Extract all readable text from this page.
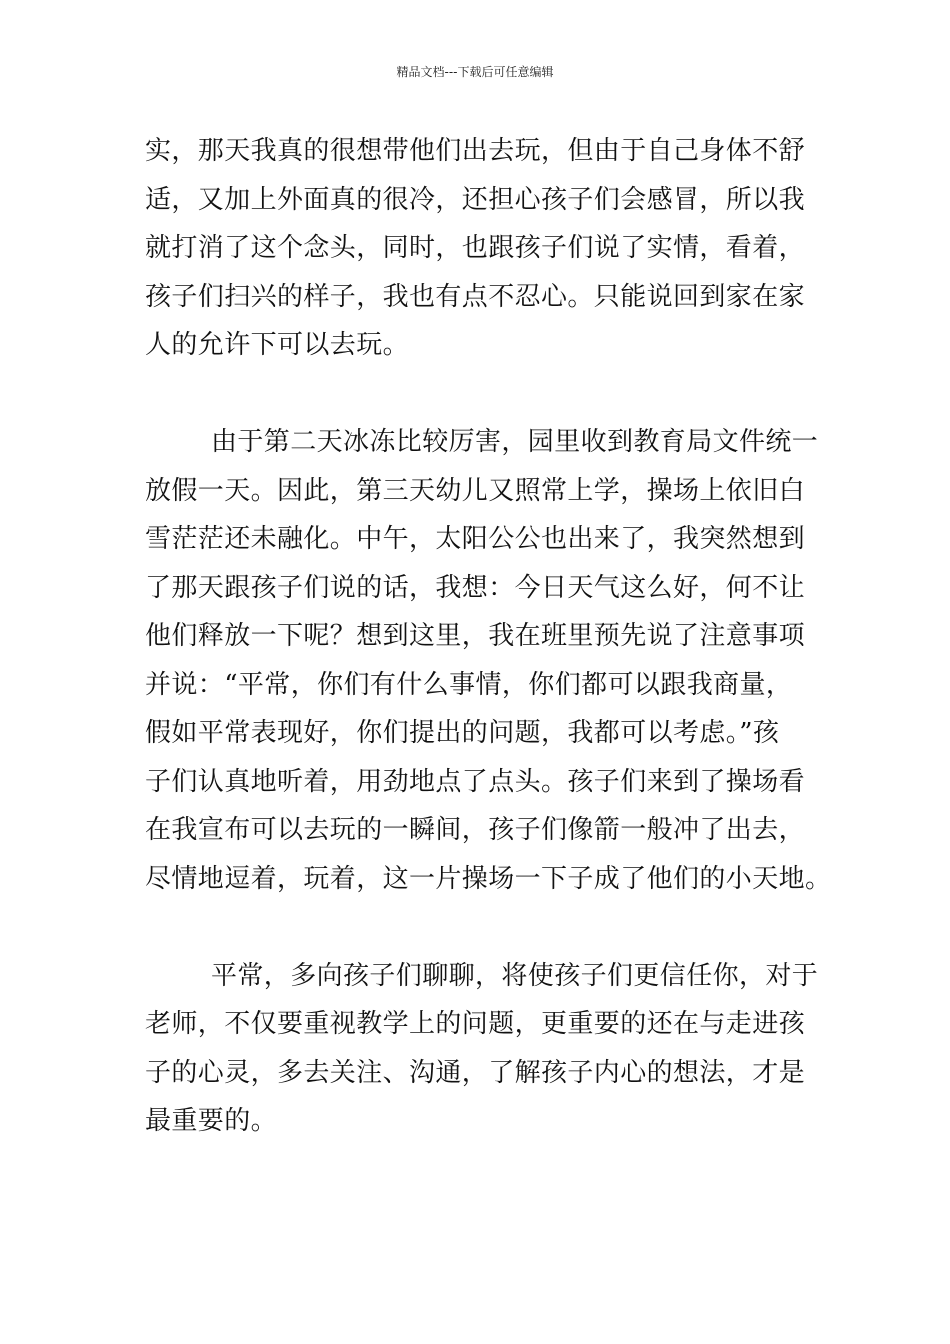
精品文档---下载后可任意编辑
实，那天我真的很想带他们出去玩，但由于自己身体不舒
适，又加上外面真的很冷，还担心孩子们会感冒，所以我
就打消了这个念头，同时，也跟孩子们说了实情，看着，
孩子们扫兴的样子，我也有点不忍心。只能说回到家在家
人的允许下可以去玩。
由于第二天冰冻比较厉害，园里收到教育局文件统一
放假一天。因此，第三天幼儿又照常上学，操场上依旧白
雪茫茫还未融化。中午，太阳公公也出来了，我突然想到
了那天跟孩子们说的话，我想：今日天气这么好，何不让
他们释放一下呢？想到这里，我在班里预先说了注意事项
并说：“平常，你们有什么事情，你们都可以跟我商量，
假如平常表现好，你们提出的问题，我都可以考虑。”孩
子们认真地听着，用劲地点了点头。孩子们来到了操场看
在我宣布可以去玩的一瞬间，孩子们像箭一般冲了出去，
尽情地逗着，玩着，这一片操场一下子成了他们的小天地。
平常，多向孩子们聊聊，将使孩子们更信任你，对于
老师，不仅要重视教学上的问题，更重要的还在与走进孩
子的心灵，多去关注、沟通，了解孩子内心的想法，才是
最重要的。
